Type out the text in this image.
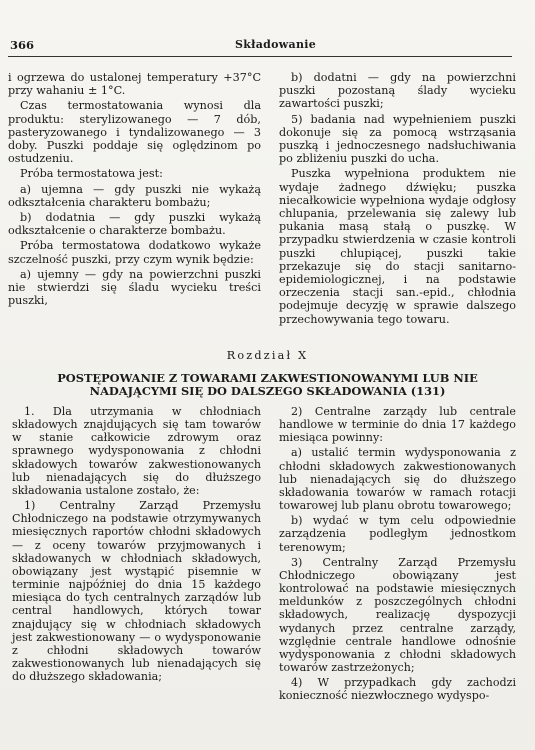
366	Składowanie

i ogrzewa do ustalonej temperatury +37°C przy wahaniu ± 1°C.

Czas termostatowania wynosi dla produktu: sterylizowanego — 7 dób, pasteryzowanego i tyndalizowanego — 3 doby. Puszki poddaje się oględzinom po ostudzeniu.

Próba termostatowa jest:

a) ujemna — gdy puszki nie wykażą odkształcenia charakteru bombażu;

b) dodatnia — gdy puszki wykażą odkształcenie o charakterze bombażu.

Próba termostatowa dodatkowo wykaże szczelność puszki, przy czym wynik będzie:

a) ujemny — gdy na powierzchni puszki nie stwierdzi się śladu wycieku treści puszki,

b) dodatni — gdy na powierzchni puszki pozostaną ślady wycieku zawartości puszki;

5) badania nad wypełnieniem puszki dokonuje się za pomocą wstrząsania puszką i jednoczesnego nadsłuchiwania po zbliżeniu puszki do ucha.

Puszka wypełniona produktem nie wydaje żadnego dźwięku; puszka niecałkowicie wypełniona wydaje odgłosy chlupania, przelewania się zalewy lub pukania masą stałą o puszkę. W przypadku stwierdzenia w czasie kontroli puszki chlupiącej, puszki takie przekazuje się do stacji sanitarno-epidemiologicznej, i na podstawie orzeczenia stacji san.-epid., chłodnia podejmuje decyzję w sprawie dalszego przechowywania tego towaru.

Rozdział X
POSTĘPOWANIE Z TOWARAMI ZAKWESTIONOWANYMI LUB NIE NADAJĄCYMI SIĘ DO DALSZEGO SKŁADOWANIA (131)

1. Dla utrzymania w chłodniach składowych znajdujących się tam towarów w stanie całkowicie zdrowym oraz sprawnego wydysponowania z chłodni składowych towarów zakwestionowanych lub nienadających się do dłuższego składowania ustalone zostało, że:

1) Centralny Zarząd Przemysłu Chłodniczego na podstawie otrzymywanych miesięcznych raportów chłodni składowych — z oceny towarów przyjmowanych i składowanych w chłodniach składowych, obowiązany jest wystąpić pisemnie w terminie najpóźniej do dnia 15 każdego miesiąca do tych centralnych zarządów lub central handlowych, których towar znajdujący się w chłodniach składowych jest zakwestionowany — o wydysponowanie z chłodni składowych towarów zakwestionowanych lub nienadających się do dłuższego składowania;

2) Centralne zarządy lub centrale handlowe w terminie do dnia 17 każdego miesiąca powinny:

a) ustalić termin wydysponowania z chłodni składowych zakwestionowanych lub nienadających się do dłuższego składowania towarów w ramach rotacji towarowej lub planu obrotu towarowego;

b) wydać w tym celu odpowiednie zarządzenia podległym jednostkom terenowym;

3) Centralny Zarząd Przemysłu Chłodniczego obowiązany jest kontrolować na podstawie miesięcznych meldunków z poszczególnych chłodni składowych, realizację dyspozycji wydanych przez centralne zarządy, względnie centrale handlowe odnośnie wydysponowania z chłodni składowych towarów zastrzeżonych;

4) W przypadkach gdy zachodzi konieczność niezwłocznego wydyspo-
